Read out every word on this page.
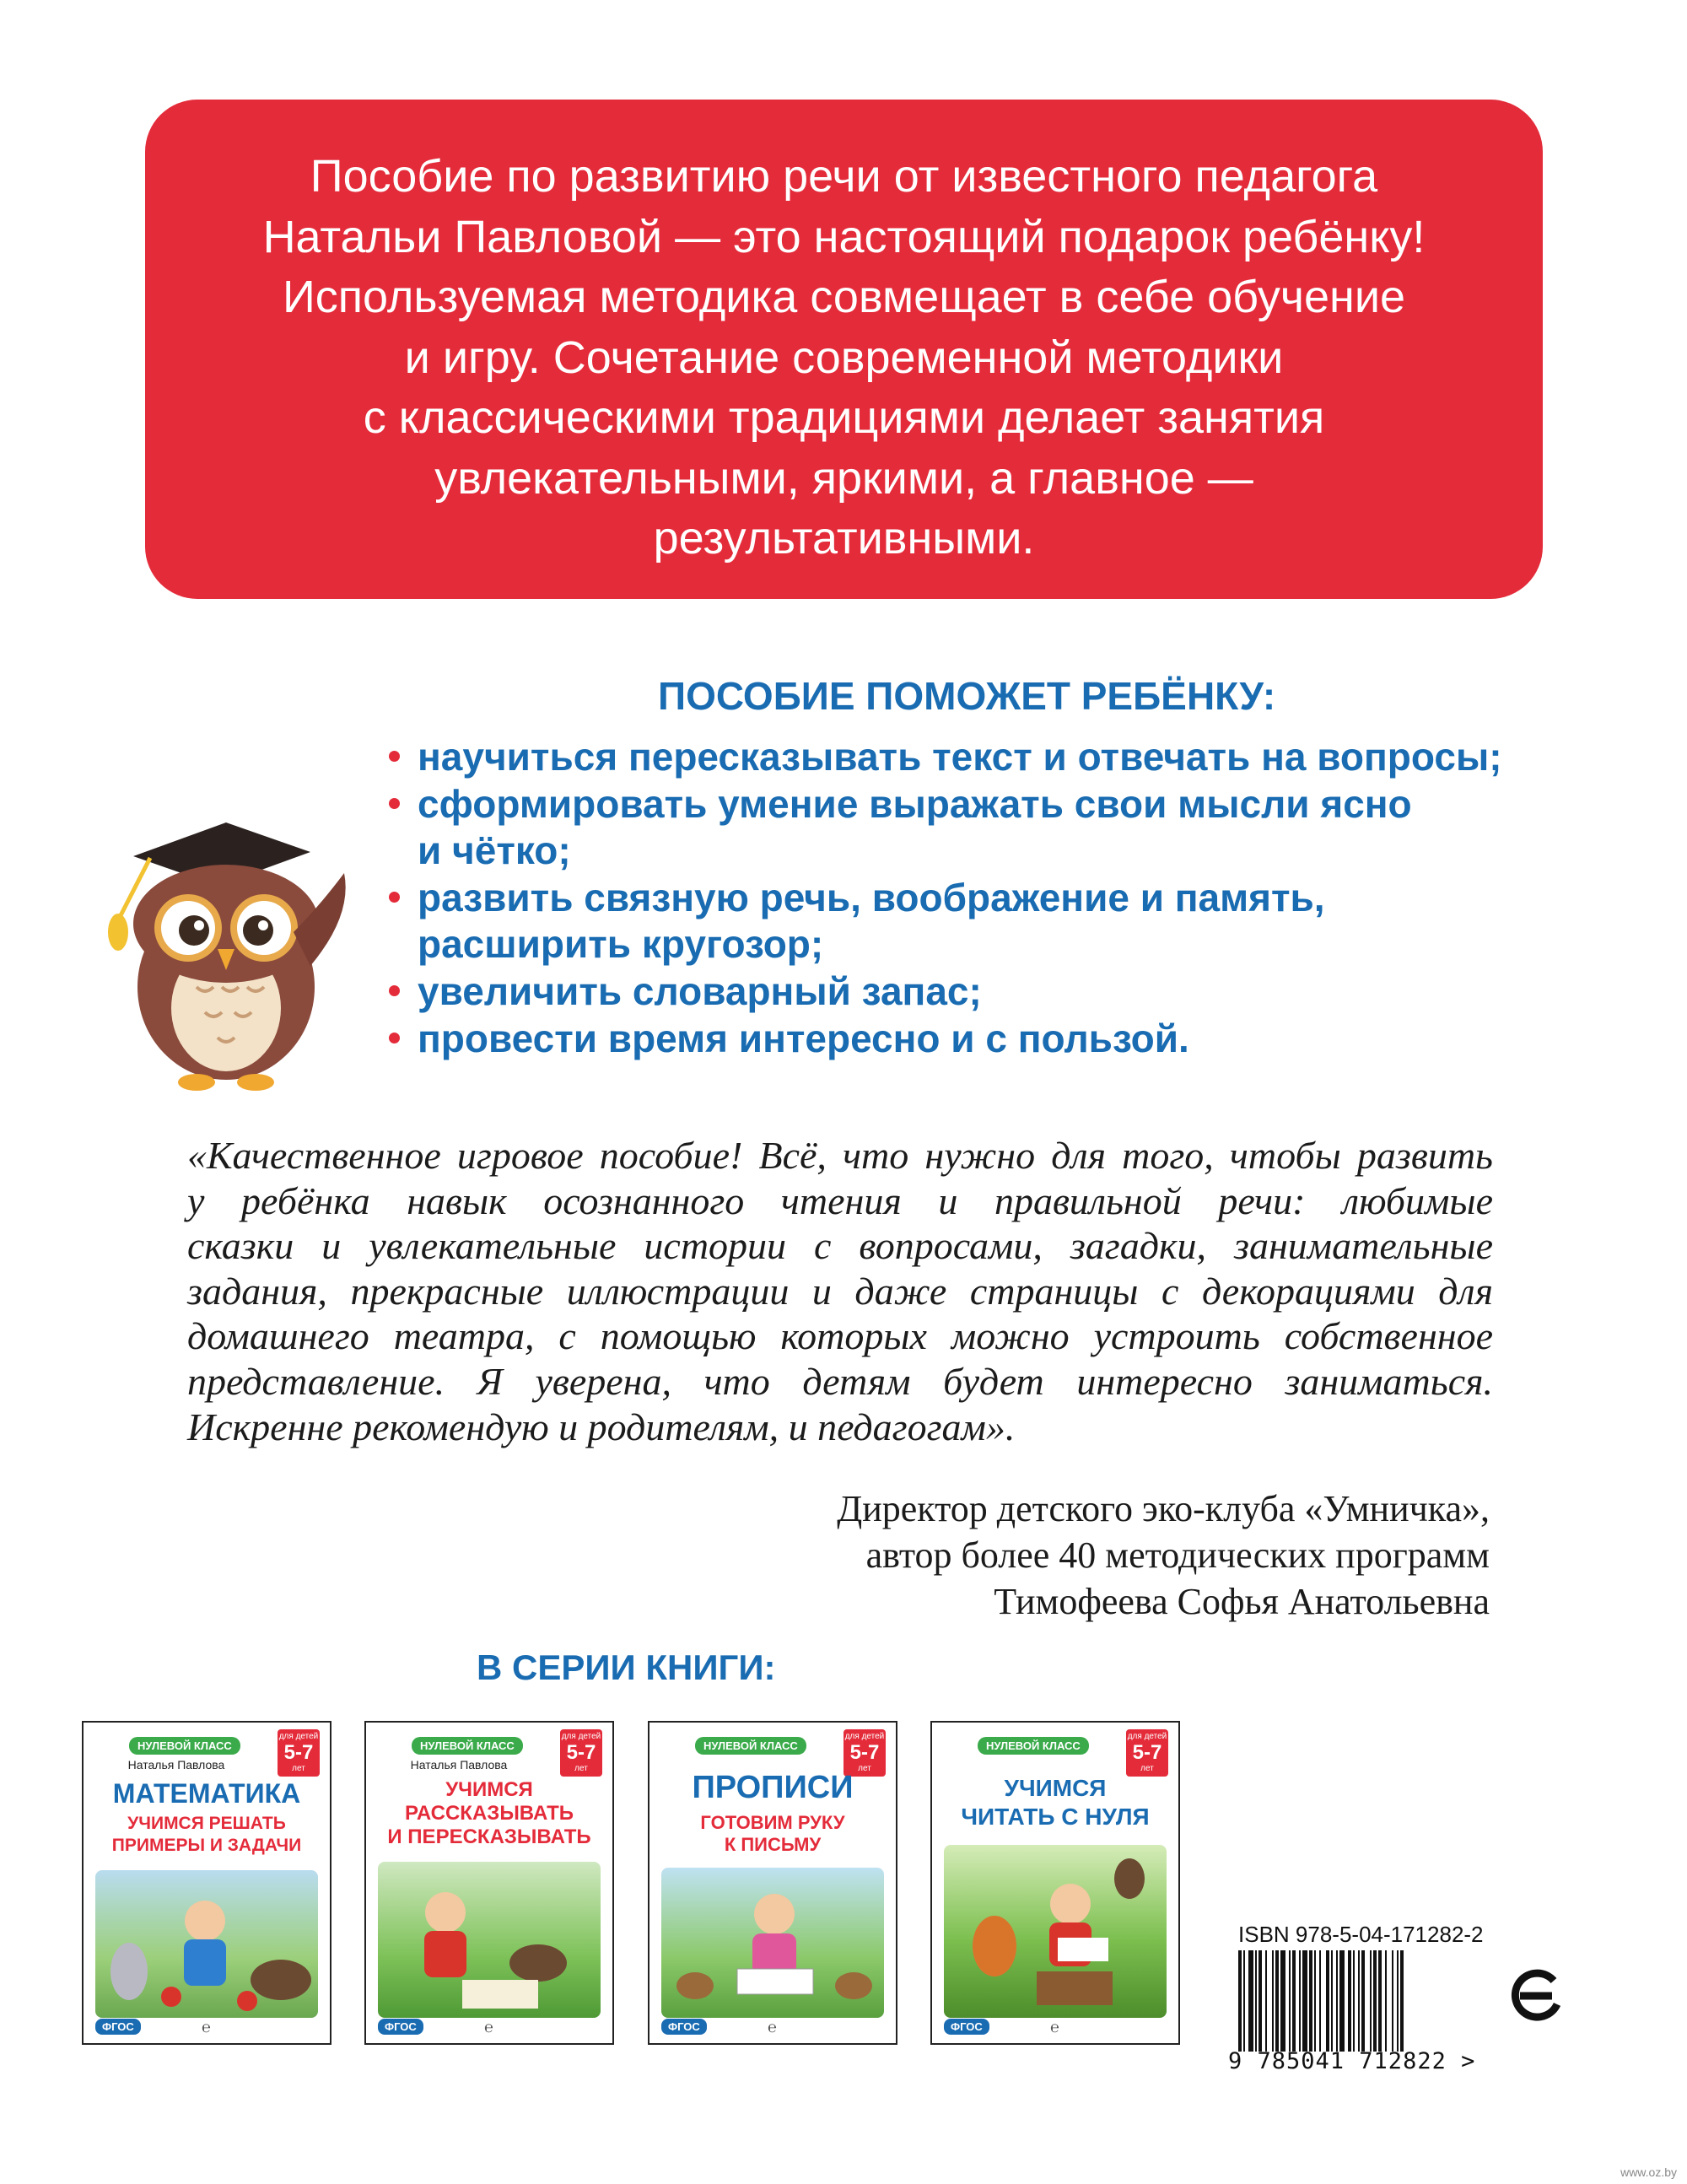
Пособие по развитию речи от известного педагога
Натальи Павловой — это настоящий подарок ребёнку!
Используемая методика совмещает в себе обучение
и игру. Сочетание современной методики
с классическими традициями делает занятия
увлекательными, яркими, а главное —
результативными.
ПОСОБИЕ ПОМОЖЕТ РЕБЁНКУ:
научиться пересказывать текст и отвечать на вопросы;
сформировать умение выражать свои мысли ясно
и чётко;
развить связную речь, воображение и память,
расширить кругозор;
увеличить словарный запас;
провести время интересно и с пользой.
«Качественное игровое пособие! Всё, что нужно для того, чтобы развить
у ребёнка навык осознанного чтения и правильной речи: любимые
сказки и увлекательные истории с вопросами, загадки, занимательные
задания, прекрасные иллюстрации и даже страницы с декорациями для
домашнего театра, с помощью которых можно устроить собственное
представление. Я уверена, что детям будет интересно заниматься.
Искренне рекомендую и родителям, и педагогам».
Директор детского эко-клуба «Умничка»,
автор более 40 методических программ
Тимофеева Софья Анатольевна
В СЕРИИ КНИГИ:
НУЛЕВОЙ КЛАСС
для детей
5-7
лет
Наталья Павлова
МАТЕМАТИКА
УЧИМСЯ РЕШАТЬ
ПРИМЕРЫ И ЗАДАЧИ
ФГОС	℮
НУЛЕВОЙ КЛАСС
для детей
5-7
лет
Наталья Павлова
УЧИМСЯ
РАССКАЗЫВАТЬ
И ПЕРЕСКАЗЫВАТЬ
ФГОС	℮
НУЛЕВОЙ КЛАСС
для детей
5-7
лет
ПРОПИСИ
ГОТОВИМ РУКУ
К ПИСЬМУ
ФГОС	℮
НУЛЕВОЙ КЛАСС
для детей
5-7
лет
УЧИМСЯ
ЧИТАТЬ С НУЛЯ
ФГОС	℮
ISBN 978-5-04-171282-2
9 785041 712822 >
www.oz.by
